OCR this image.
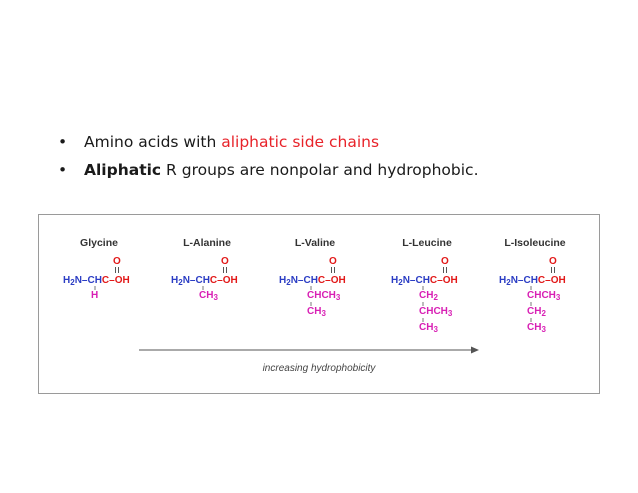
• Amino acids with aliphatic side chains
• Aliphatic R groups are nonpolar and hydrophobic.
increasing hydrophobicity
Glycine
O
$H_2N-CHC-OH$
H
L-Alanine
O
$H_2N-CHC-OH$
$CH_3$
L-Valine
O
$H_2N-CHC-OH$
$CHCH_3$
$CH_3$
L-Leucine
O
$H_2N-CHC-OH$
$CH_2$
$CHCH_3$
$CH_3$
L-Isoleucine
O
$H_2N-CHC-OH$
$CHCH_3$
$CH_2$
$CH_3$
